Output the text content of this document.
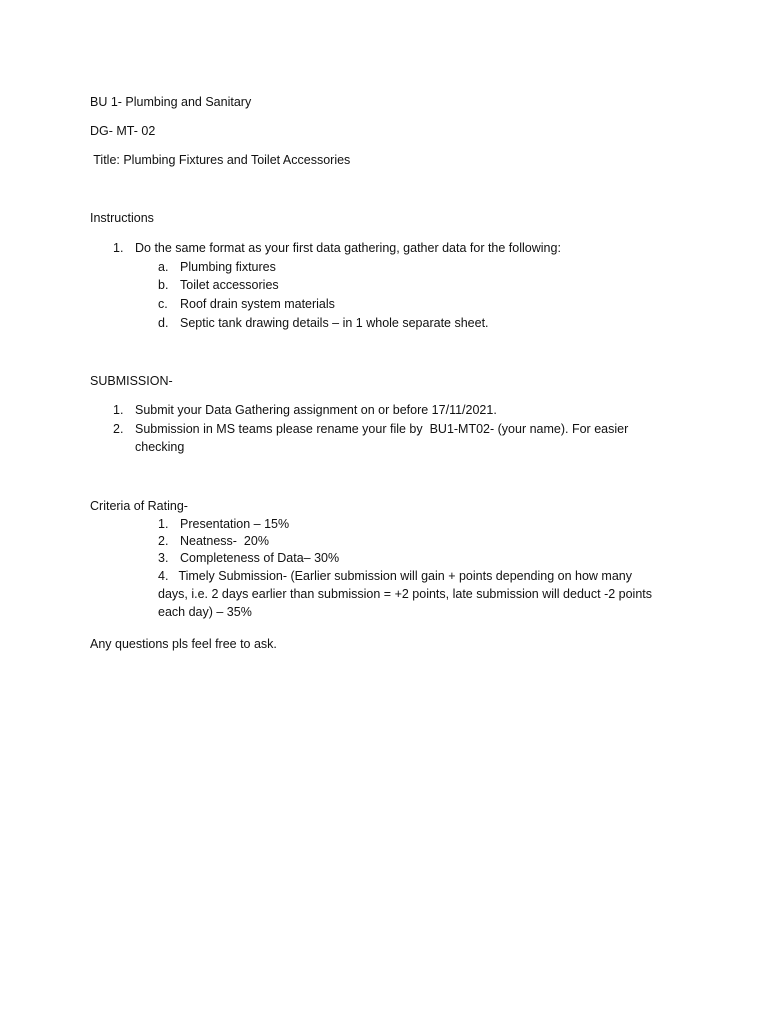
BU 1- Plumbing and Sanitary
DG- MT- 02
Title: Plumbing Fixtures and Toilet Accessories
Instructions
1. Do the same format as your first data gathering, gather data for the following:
a. Plumbing fixtures
b. Toilet accessories
c. Roof drain system materials
d. Septic tank drawing details – in 1 whole separate sheet.
SUBMISSION-
1. Submit your Data Gathering assignment on or before 17/11/2021.
2. Submission in MS teams please rename your file by  BU1-MT02- (your name). For easier checking
Criteria of Rating-
1. Presentation – 15%
2. Neatness-  20%
3. Completeness of Data– 30%
4. Timely Submission- (Earlier submission will gain + points depending on how many days, i.e. 2 days earlier than submission = +2 points, late submission will deduct -2 points each day) – 35%
Any questions pls feel free to ask.
